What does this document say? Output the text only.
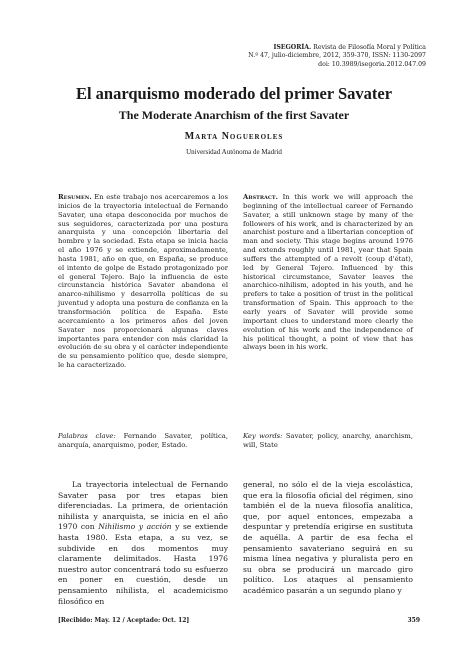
ISEGORÍA. Revista de Filosofía Moral y Política
N.º 47, julio-diciembre, 2012, 359-370, ISSN: 1130-2097
doi: 10.3989/isegoria.2012.047.09
El anarquismo moderado del primer Savater
The Moderate Anarchism of the first Savater
Marta Nogueroles
Universidad Autónoma de Madrid
Resumen. En este trabajo nos acercaremos a los inicios de la trayectoria intelectual de Fernando Savater, una etapa desconocida por muchos de sus seguidores, caracterizada por una postura anarquista y una concepción libertaria del hombre y la sociedad. Esta etapa se inicia hacia el año 1976 y se extiende, aproximadamente, hasta 1981, año en que, en España, se produce el intento de golpe de Estado protagonizado por el general Tejero. Bajo la influencia de este circunstancia histórica Savater abandona el anarco-nihilismo y desarrolla políticas de su juventud y adopta una postura de confianza en la transformación política de España. Este acercamiento a los primeros años del joven Savater nos proporcionará algunas claves importantes para entender con más claridad la evolución de su obra y el carácter independiente de su pensamiento político que, desde siempre, le ha caracterizado.
Abstract. In this work we will approach the beginning of the intellectual career of Fernando Savater, a still unknown stage by many of the followers of his work, and is characterized by an anarchist posture and a libertarian conception of man and society. This stage begins around 1976 and extends roughly until 1981, year that Spain suffers the attempted of a revolt (coup d'état), led by General Tejero. Influenced by this historical circumstance, Savater leaves the anarchico-nihilism, adopted in his youth, and he prefers to take a position of trust in the political transformation of Spain. This approach to the early years of Savater will provide some important clues to understand more clearly the evolution of his work and the independence of his political thought, a point of view that has always been in his work.
Palabras clave: Fernando Savater, política, anarquía, anarquismo, poder, Estado.
Key words: Savater, policy, anarchy, anarchism, will, State

La trayectoria intelectual de Fernando Savater pasa por tres etapas bien diferenciadas. La primera, de orientación nihilista y anarquista, se inicia en el año 1970 con Nihilismo y acción y se extiende hasta 1980. Esta etapa, a su vez, se subdivide en dos momentos muy claramente delimitados. Hasta 1976 nuestro autor concentrará todo su esfuerzo en poner en cuestión, desde un pensamiento nihilista, el academicismo filosófico en

general, no sólo el de la vieja escolástica, que era la filosofía oficial del régimen, sino también el de la nueva filosofía analítica, que, por aquel entonces, empezaba a despuntar y pretendía erigirse en sustituta de aquélla. A partir de esa fecha el pensamiento savateriano seguirá en su misma línea negativa y pluralista pero en su obra se producirá un marcado giro político. Los ataques al pensamiento académico pasarán a un segundo plano y

[Recibido: May. 12 / Aceptado: Oct. 12]	359
